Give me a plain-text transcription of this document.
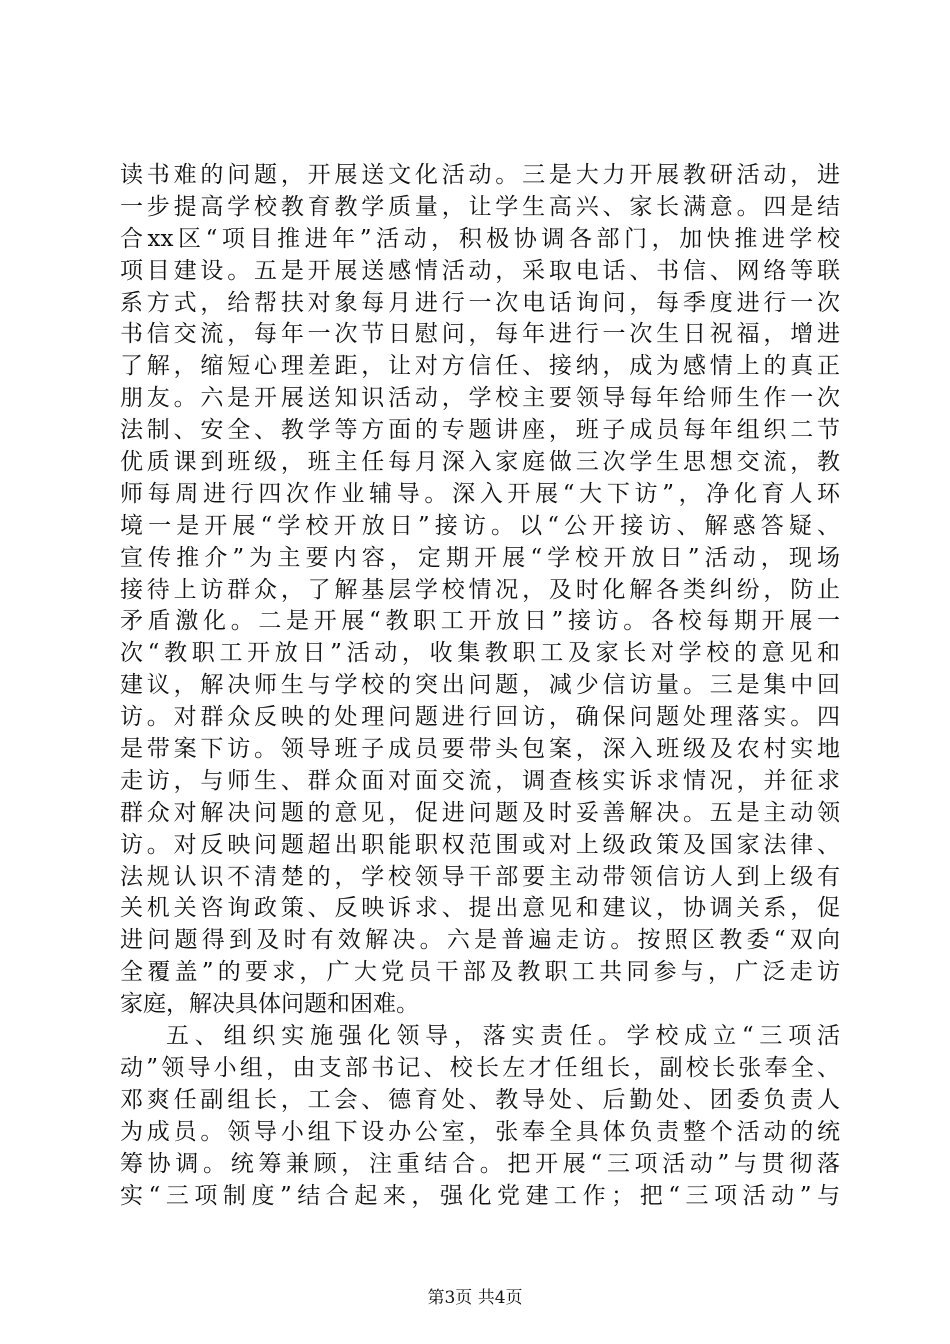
读书难的问题，开展送文化活动。三是大力开展教研活动，进
一步提高学校教育教学质量，让学生高兴、家长满意。四是结
合xx区“项目推进年”活动，积极协调各部门，加快推进学校
项目建设。五是开展送感情活动，采取电话、书信、网络等联
系方式，给帮扶对象每月进行一次电话询问，每季度进行一次
书信交流，每年一次节日慰问，每年进行一次生日祝福，增进
了解，缩短心理差距，让对方信任、接纳，成为感情上的真正
朋友。六是开展送知识活动，学校主要领导每年给师生作一次
法制、安全、教学等方面的专题讲座，班子成员每年组织二节
优质课到班级，班主任每月深入家庭做三次学生思想交流，教
师每周进行四次作业辅导。深入开展“大下访”，净化育人环
境一是开展“学校开放日”接访。以“公开接访、解惑答疑、
宣传推介”为主要内容，定期开展“学校开放日”活动，现场
接待上访群众，了解基层学校情况，及时化解各类纠纷，防止
矛盾激化。二是开展“教职工开放日”接访。各校每期开展一
次“教职工开放日”活动，收集教职工及家长对学校的意见和
建议，解决师生与学校的突出问题，减少信访量。三是集中回
访。对群众反映的处理问题进行回访，确保问题处理落实。四
是带案下访。领导班子成员要带头包案，深入班级及农村实地
走访，与师生、群众面对面交流，调查核实诉求情况，并征求
群众对解决问题的意见，促进问题及时妥善解决。五是主动领
访。对反映问题超出职能职权范围或对上级政策及国家法律、
法规认识不清楚的，学校领导干部要主动带领信访人到上级有
关机关咨询政策、反映诉求、提出意见和建议，协调关系，促
进问题得到及时有效解决。六是普遍走访。按照区教委“双向
全覆盖”的要求，广大党员干部及教职工共同参与，广泛走访
家庭，解决具体问题和困难。
五、组织实施强化领导，落实责任。学校成立“三项活
动”领导小组，由支部书记、校长左才任组长，副校长张奉全、
邓爽任副组长，工会、德育处、教导处、后勤处、团委负责人
为成员。领导小组下设办公室，张奉全具体负责整个活动的统
筹协调。统筹兼顾，注重结合。把开展“三项活动”与贯彻落
实“三项制度”结合起来，强化党建工作；把“三项活动”与
第3页 共4页
